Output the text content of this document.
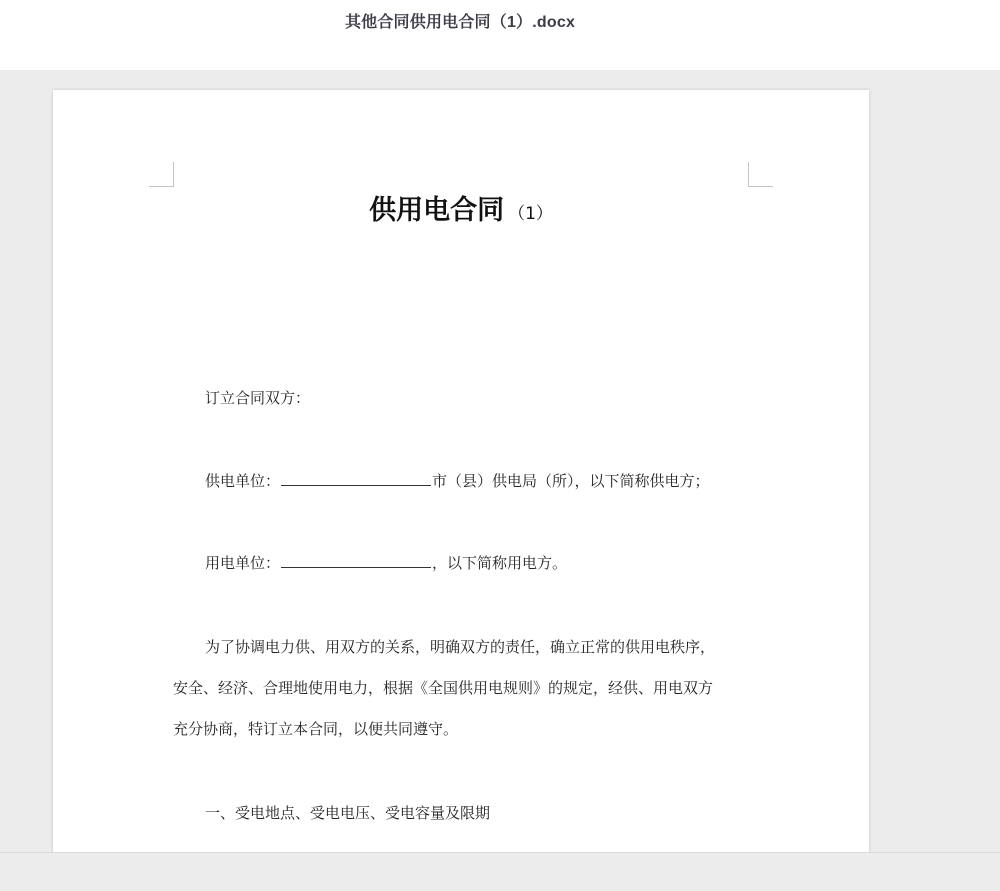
其他合同供用电合同（1）.docx
供用电合同 （1）
订立合同双方：
供电单位：	市（县）供电局（所），以下简称供电方；
用电单位：	，以下简称用电方。
为了协调电力供、用双方的关系，明确双方的责任，确立正常的供用电秩序，
安全、经济、合理地使用电力，根据《全国供用电规则》的规定，经供、用电双方
充分协商，特订立本合同，以便共同遵守。
一、受电地点、受电电压、受电容量及限期
